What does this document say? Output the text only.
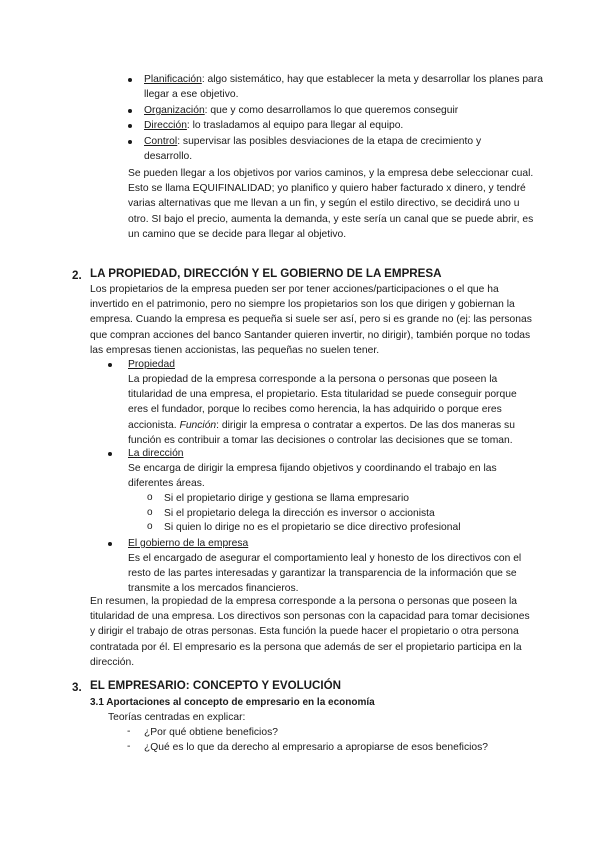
Planificación: algo sistemático, hay que establecer la meta y desarrollar los planes para llegar a ese objetivo.
Organización: que y como desarrollamos lo que queremos conseguir
Dirección: lo trasladamos al equipo para llegar al equipo.
Control: supervisar las posibles desviaciones de la etapa de crecimiento y desarrollo.

Se pueden llegar a los objetivos por varios caminos, y la empresa debe seleccionar cual. Esto se llama EQUIFINALIDAD; yo planifico y quiero haber facturado x dinero, y tendré varias alternativas que me llevan a un fin, y según el estilo directivo, se decidirá uno u otro. SI bajo el precio, aumenta la demanda, y este sería un canal que se puede abrir, es un camino que se decide para llegar al objetivo.

2. LA PROPIEDAD, DIRECCIÓN Y EL GOBIERNO DE LA EMPRESA

Los propietarios de la empresa pueden ser por tener acciones/participaciones o el que ha invertido en el patrimonio, pero no siempre los propietarios son los que dirigen y gobiernan la empresa. Cuando la empresa es pequeña si suele ser así, pero si es grande no (ej: las personas que compran acciones del banco Santander quieren invertir, no dirigir), también porque no todas las empresas tienen accionistas, las pequeñas no suelen tener.

Propiedad

La propiedad de la empresa corresponde a la persona o personas que poseen la titularidad de una empresa, el propietario. Esta titularidad se puede conseguir porque eres el fundador, porque lo recibes como herencia, la has adquirido o porque eres accionista. Función: dirigir la empresa o contratar a expertos. De las dos maneras su función es contribuir a tomar las decisiones o controlar las decisiones que se toman.

La dirección

Se encarga de dirigir la empresa fijando objetivos y coordinando el trabajo en las diferentes áreas.

o Si el propietario dirige y gestiona se llama empresario
o Si el propietario delega la dirección es inversor o accionista
o Si quien lo dirige no es el propietario se dice directivo profesional
El gobierno de la empresa

Es el encargado de asegurar el comportamiento leal y honesto de los directivos con el resto de las partes interesadas y garantizar la transparencia de la información que se transmite a los mercados financieros.

En resumen, la propiedad de la empresa corresponde a la persona o personas que poseen la titularidad de una empresa. Los directivos son personas con la capacidad para tomar decisiones y dirigir el trabajo de otras personas. Esta función la puede hacer el propietario o otra persona contratada por él. El empresario es la persona que además de ser el propietario participa en la dirección.

3. EL EMPRESARIO: CONCEPTO Y EVOLUCIÓN
3.1 Aportaciones al concepto de empresario en la economía
Teorías centradas en explicar:
- ¿Por qué obtiene beneficios?
- ¿Qué es lo que da derecho al empresario a apropiarse de esos beneficios?
